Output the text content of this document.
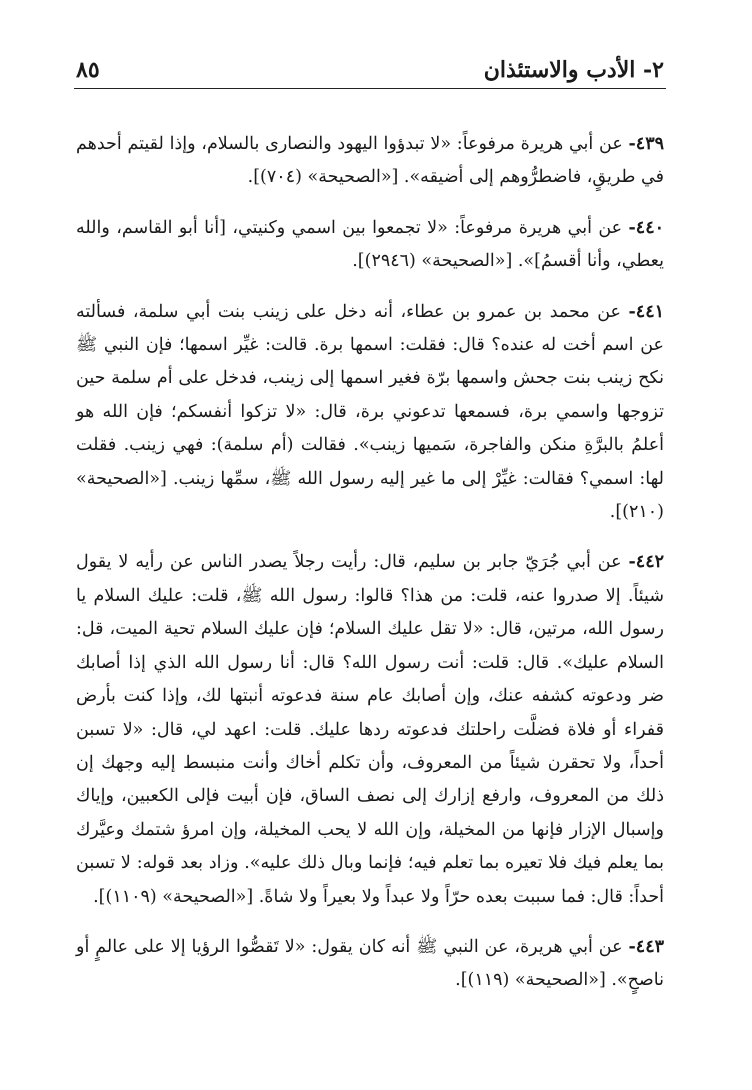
٢- الأدب والاستئذان
٨٥

٤٣٩- عن أبي هريرة مرفوعاً: «لا تبدؤوا اليهود والنصارى بالسلام، وإذا لقيتم أحدهم في طريقٍ، فاضطرُّوهم إلى أضيقه». [«الصحيحة» (٧٠٤)].

٤٤٠- عن أبي هريرة مرفوعاً: «لا تجمعوا بين اسمي وكنيتي، [أنا أبو القاسم، والله يعطي، وأنا أقسمُ]». [«الصحيحة» (٢٩٤٦)].

٤٤١- عن محمد بن عمرو بن عطاء، أنه دخل على زينب بنت أبي سلمة، فسألته عن اسم أخت له عنده؟ قال: فقلت: اسمها برة. قالت: غيِّر اسمها؛ فإن النبي ﷺ نكح زينب بنت جحش واسمها برّة فغير اسمها إلى زينب، فدخل على أم سلمة حين تزوجها واسمي برة، فسمعها تدعوني برة، قال: «لا تزكوا أنفسكم؛ فإن الله هو أعلمُ بالبرَّةِ منكن والفاجرة، سَميها زينب». فقالت (أم سلمة): فهي زينب. فقلت لها: اسمي؟ فقالت: غيِّرْ إلى ما غير إليه رسول الله ﷺ، سمِّها زينب. [«الصحيحة» (٢١٠)].

٤٤٢- عن أبي جُرَيّ جابر بن سليم، قال: رأيت رجلاً يصدر الناس عن رأيه لا يقول شيئاً. إلا صدروا عنه، قلت: من هذا؟ قالوا: رسول الله ﷺ، قلت: عليك السلام يا رسول الله، مرتين، قال: «لا تقل عليك السلام؛ فإن عليك السلام تحية الميت، قل: السلام عليك». قال: قلت: أنت رسول الله؟ قال: أنا رسول الله الذي إذا أصابك ضر ودعوته كشفه عنك، وإن أصابك عام سنة فدعوته أنبتها لك، وإذا كنت بأرض قفراء أو فلاة فضلَّت راحلتك فدعوته ردها عليك. قلت: اعهد لي، قال: «لا تسبن أحداً، ولا تحقرن شيئاً من المعروف، وأن تكلم أخاك وأنت منبسط إليه وجهك إن ذلك من المعروف، وارفع إزارك إلى نصف الساق، فإن أبيت فإلى الكعبين، وإياك وإسبال الإزار فإنها من المخيلة، وإن الله لا يحب المخيلة، وإن امرؤ شتمك وعيَّرك بما يعلم فيك فلا تعيره بما تعلم فيه؛ فإنما وبال ذلك عليه». وزاد بعد قوله: لا تسبن أحداً: قال: فما سببت بعده حرّاً ولا عبداً ولا بعيراً ولا شاةً. [«الصحيحة» (١١٠٩)].

٤٤٣- عن أبي هريرة، عن النبي ﷺ أنه كان يقول: «لا تَقصُّوا الرؤيا إلا على عالمٍ أو ناصحٍ». [«الصحيحة» (١١٩)].
